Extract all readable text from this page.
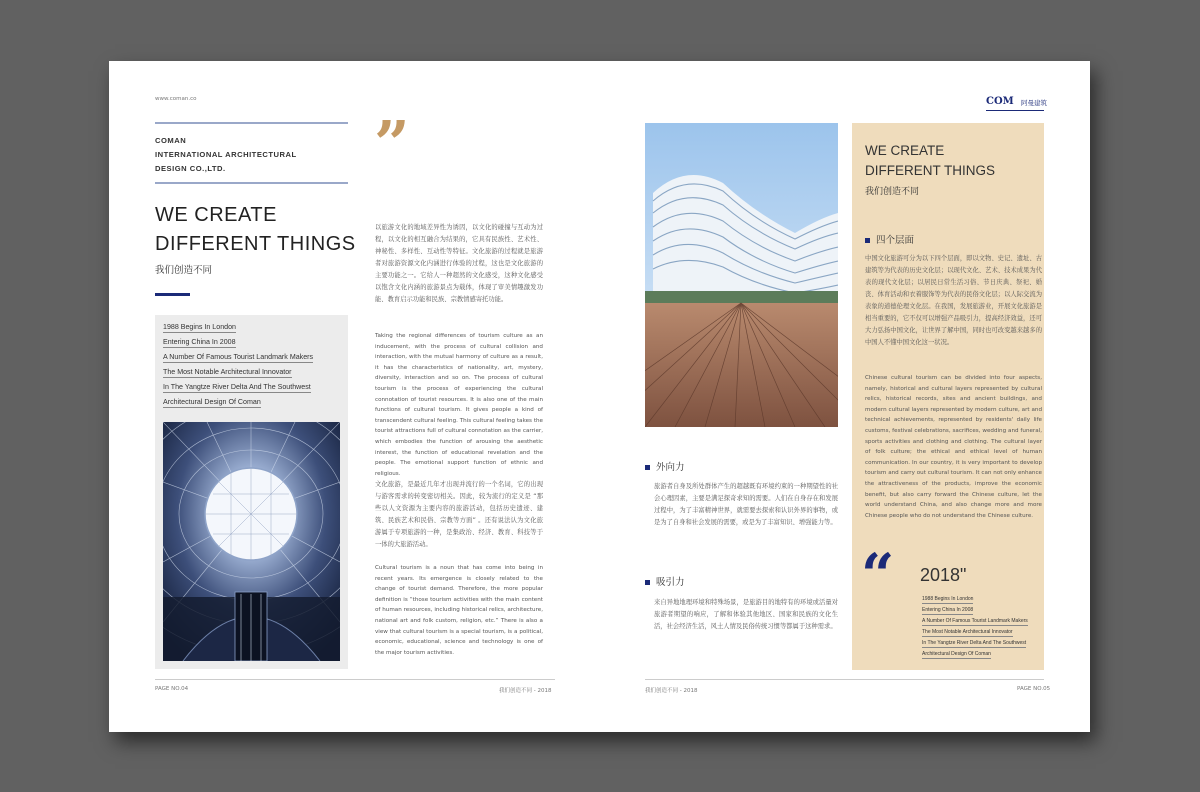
www.coman.co
COMAN
INTERNATIONAL ARCHITECTURAL
DESIGN CO.,LTD.
WE CREATE
DIFFERENT THINGS
我们创造不同
1988 Begins In London
Entering China In 2008
A Number Of Famous Tourist Landmark Makers
The Most Notable Architectural Innovator
In The Yangtze River Delta And The Southwest
Architectural Design Of Coman
”

以旅游文化的地域差异性为诱因，以文化的碰撞与互动为过程，以文化的相互融合为结果的，它具有民族性、艺术性、神秘性、多样性、互动性等特征。文化旅游的过程就是旅游者对旅游资源文化内涵进行体验的过程，这也是文化旅游的主要功能之一。它给人一种超然的文化感受，这种文化感受以饱含文化内涵的旅游景点为载体，体现了审美情趣激发功能、教育启示功能和民族、宗教情感寄托功能。

Taking the regional differences of tourism culture as an inducement, with the process of cultural collision and interaction, with the mutual harmony of culture as a result, it has the characteristics of nationality, art, mystery, diversity, interaction and so on. The process of cultural tourism is the process of experiencing the cultural connotation of tourist resources. It is also one of the main functions of cultural tourism. It gives people a kind of transcendent cultural feeling. This cultural feeling takes the tourist attractions full of cultural connotation as the carrier, which embodies the function of arousing the aesthetic interest, the function of educational revelation and the people. The emotional support function of ethnic and religious.

文化旅游，是最近几年才出现并流行的一个名词，它的出现与游客需求的转变密切相关。因此，较为流行的定义是 “那些以人文资源为主要内容的旅游活动，包括历史遗迹、建筑、民族艺术和民俗、宗教等方面” 。还有说法认为文化旅游属于专项旅游的一种，是集政治、经济、教育、科技等于一体的大旅游活动。

Cultural tourism is a noun that has come into being in recent years. Its emergence is closely related to the change of tourist demand. Therefore, the more popular definition is “those tourism activities with the main content of human resources, including historical relics, architecture, national art and folk custom, religion, etc.” There is also a view that cultural tourism is a special tourism, is a political, economic, educational, science and technology is one of the major tourism activities.

PAGE NO.04	我们创造不同 - 2018
COM 阿曼建筑
外向力

旅游者自身及所处群体产生的超越既有环境约束的一种期望性的社会心理因素，主要是满足探奇求知的需要。人们在自身存在和发展过程中，为了丰富精神世界，就需要去探索和认识外界的事物，或是为了自身和社会发展的需要，或是为了丰富知识、增强能力等。

吸引力

来自异地地理环境和特殊场景，是旅游目的地特有的环境或活量对旅游者期望的响应，了解和体验其他地区、国家和民族的文化生活，社会经济生活，风土人情及民俗传统习惯等都属于这种需求。

WE CREATE
DIFFERENT THINGS
我们创造不同
四个层面

中国文化旅游可分为以下四个层面，即以文物、史记、遗址、古建筑等为代表的历史文化层；以现代文化、艺术、技术成果为代表的现代文化层；以居民日常生活习俗、节日庆典、祭祀、婚丧、体育活动和衣着服饰等为代表的民俗文化层；以人际交流为表象的道德伦理文化层。在我国，发展旅游业，开展文化旅游是相当重要的，它不仅可以增强产品吸引力，提高经济效益，还可大力弘扬中国文化，让世界了解中国，同时也可改变越来越多的中国人不懂中国文化这一状况。

Chinese cultural tourism can be divided into four aspects, namely, historical and cultural layers represented by cultural relics, historical records, sites and ancient buildings, and modern cultural layers represented by modern culture, art and technical achievements, represented by residents' daily life customs, festival celebrations, sacrifices, wedding and funeral, sports activities and clothing and clothing. The cultural layer of folk culture; the ethical and ethical level of human communication. In our country, it is very important to develop tourism and carry out cultural tourism. It can not only enhance the attractiveness of the products, improve the economic benefit, but also carry forward the Chinese culture, let the world understand China, and also change more and more Chinese people who do not understand the Chinese culture.

“ 2018"
1988 Begins In London
Entering China In 2008
A Number Of Famous Tourist Landmark Makers
The Most Notable Architectural Innovator
In The Yangtze River Delta And The Southwest
Architectural Design Of Coman
我们创造不同 - 2018	PAGE NO.05
